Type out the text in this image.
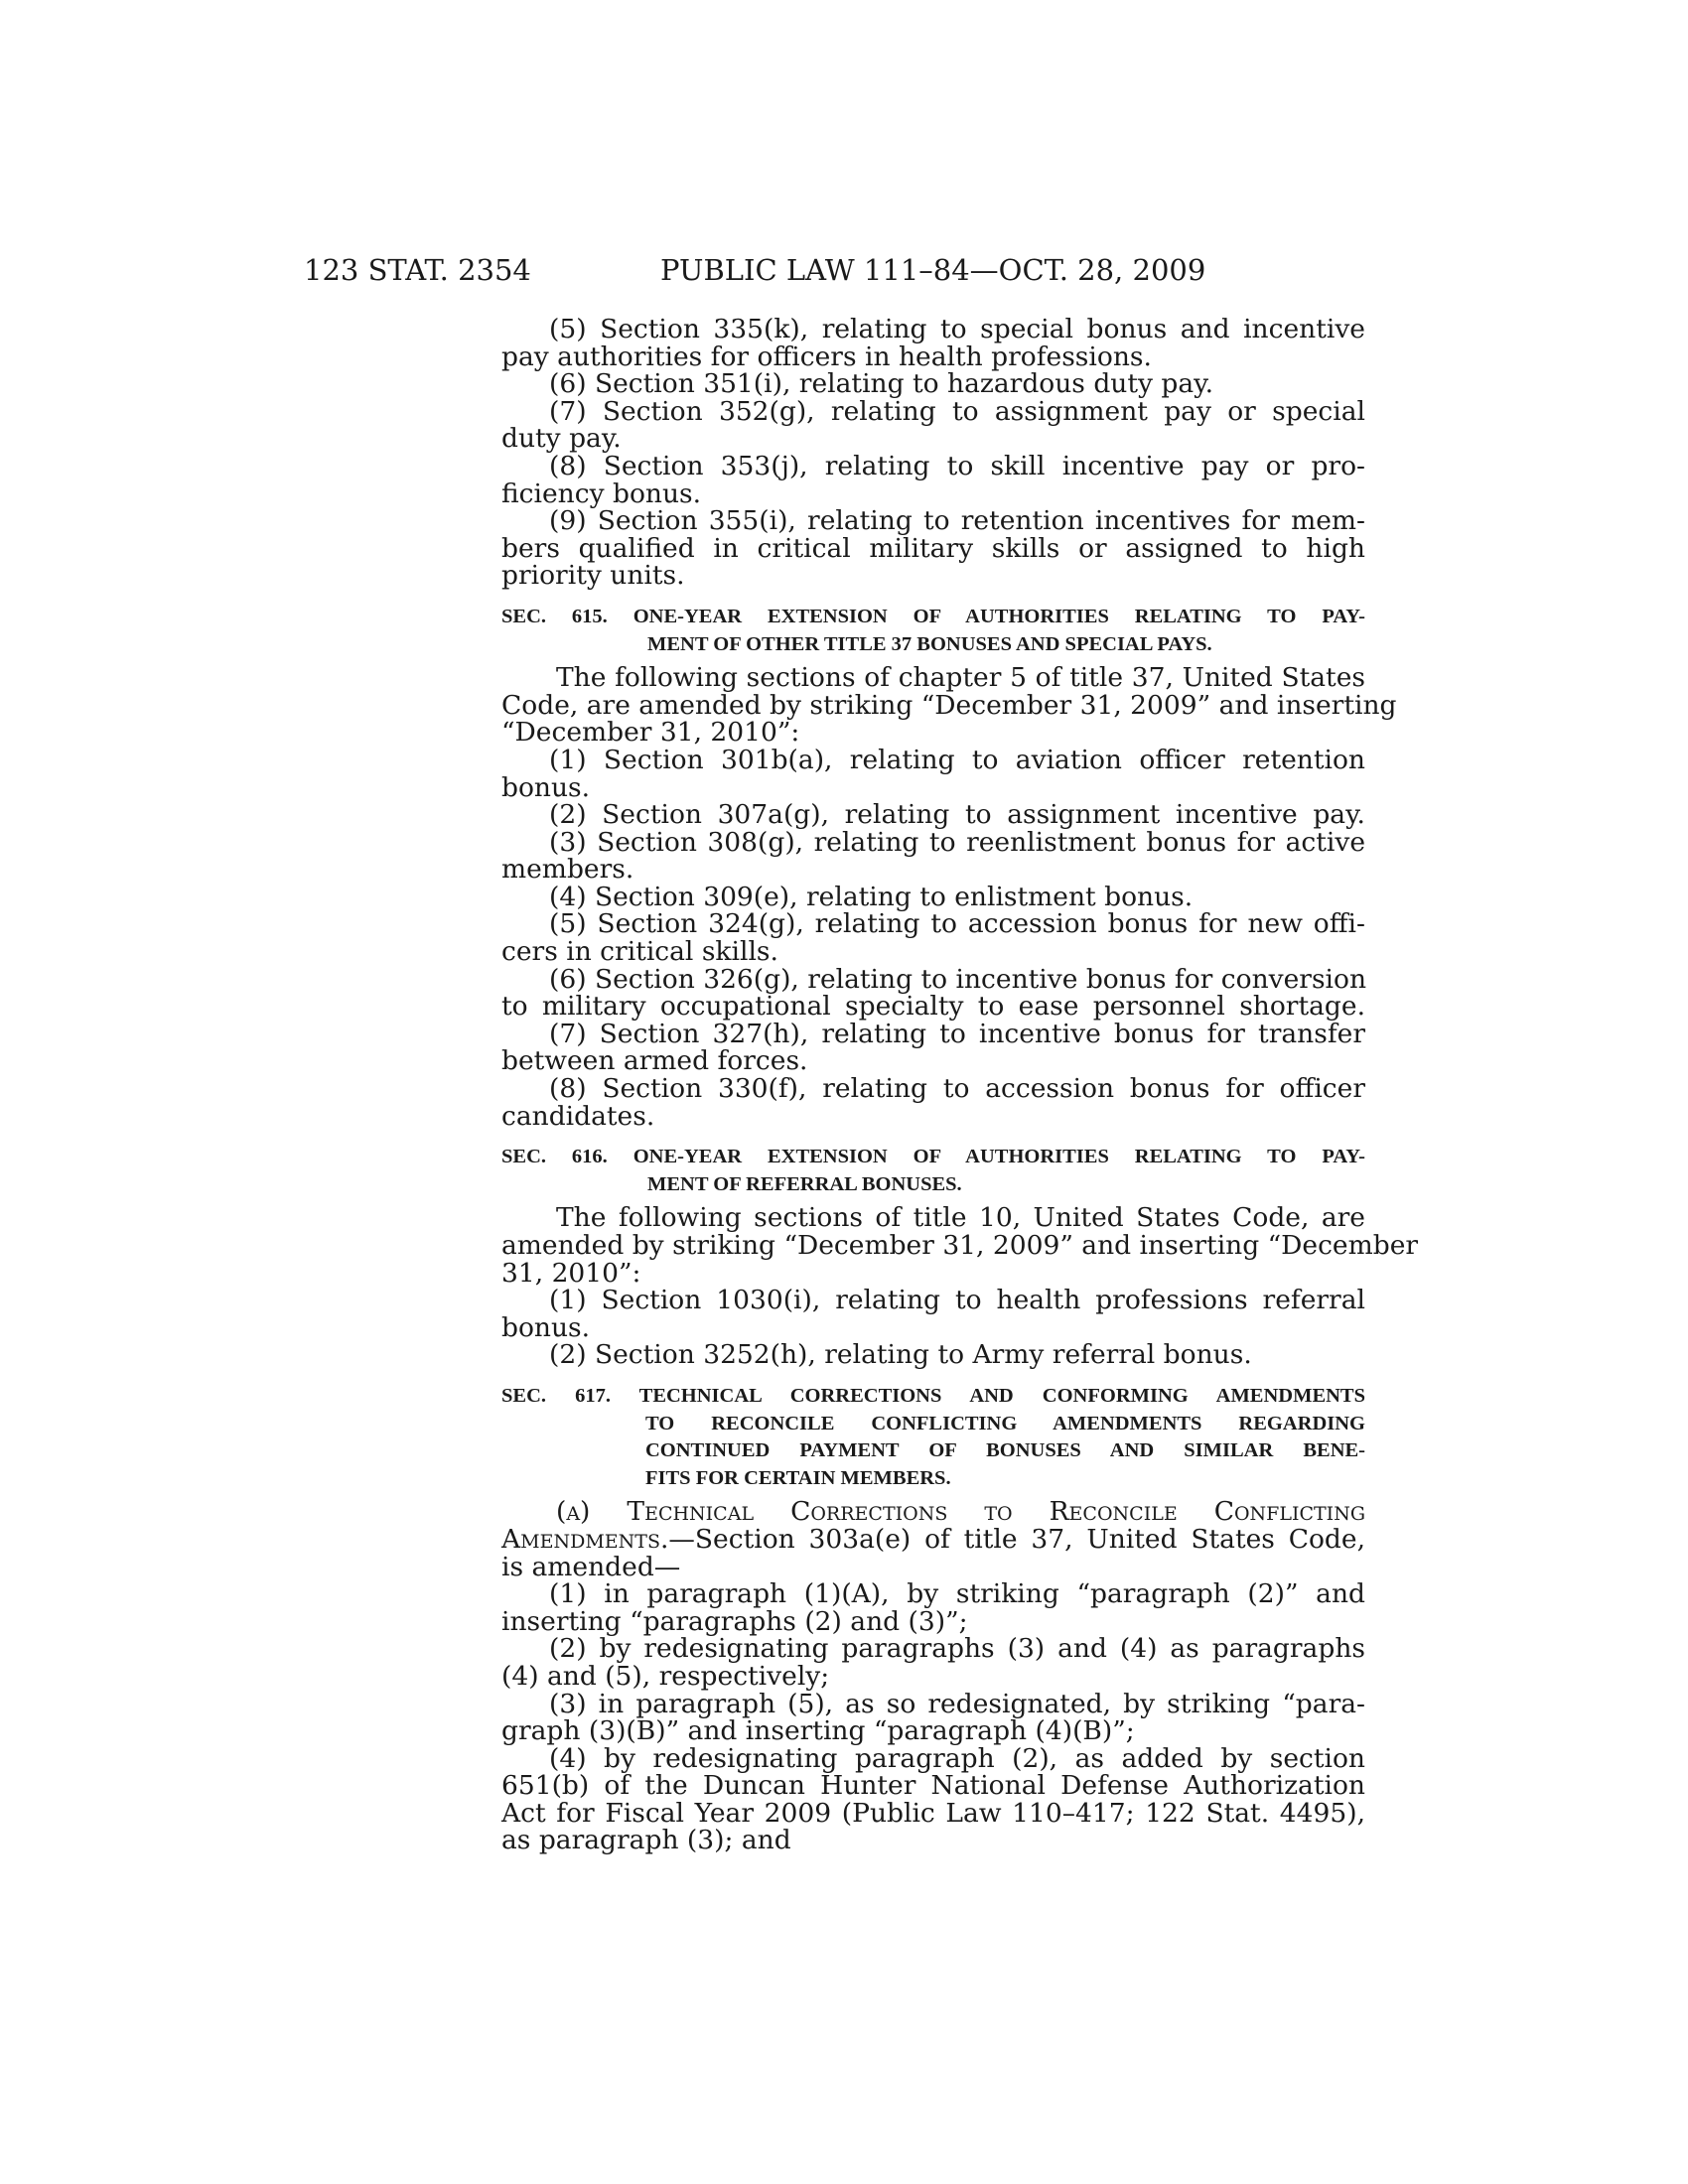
123 STAT. 2354	PUBLIC LAW 111–84—OCT. 28, 2009
(5) Section 335(k), relating to special bonus and incentive
pay authorities for officers in health professions.
(6) Section 351(i), relating to hazardous duty pay.
(7) Section 352(g), relating to assignment pay or special
duty pay.
(8) Section 353(j), relating to skill incentive pay or pro-
ficiency bonus.
(9) Section 355(i), relating to retention incentives for mem-
bers qualified in critical military skills or assigned to high
priority units.
SEC. 615. ONE-YEAR EXTENSION OF AUTHORITIES RELATING TO PAY-
MENT OF OTHER TITLE 37 BONUSES AND SPECIAL PAYS.
The following sections of chapter 5 of title 37, United States
Code, are amended by striking “December 31, 2009” and inserting
“December 31, 2010”:
(1) Section 301b(a), relating to aviation officer retention
bonus.
(2) Section 307a(g), relating to assignment incentive pay.
(3) Section 308(g), relating to reenlistment bonus for active
members.
(4) Section 309(e), relating to enlistment bonus.
(5) Section 324(g), relating to accession bonus for new offi-
cers in critical skills.
(6) Section 326(g), relating to incentive bonus for conversion
to military occupational specialty to ease personnel shortage.
(7) Section 327(h), relating to incentive bonus for transfer
between armed forces.
(8) Section 330(f), relating to accession bonus for officer
candidates.
SEC. 616. ONE-YEAR EXTENSION OF AUTHORITIES RELATING TO PAY-
MENT OF REFERRAL BONUSES.
The following sections of title 10, United States Code, are
amended by striking “December 31, 2009” and inserting “December
31, 2010”:
(1) Section 1030(i), relating to health professions referral
bonus.
(2) Section 3252(h), relating to Army referral bonus.
SEC. 617. TECHNICAL CORRECTIONS AND CONFORMING AMENDMENTS
TO RECONCILE CONFLICTING AMENDMENTS REGARDING
CONTINUED PAYMENT OF BONUSES AND SIMILAR BENE-
FITS FOR CERTAIN MEMBERS.
(a) Technical Corrections to Reconcile Conflicting
Amendments.—Section 303a(e) of title 37, United States Code,
is amended—
(1) in paragraph (1)(A), by striking “paragraph (2)” and
inserting “paragraphs (2) and (3)”;
(2) by redesignating paragraphs (3) and (4) as paragraphs
(4) and (5), respectively;
(3) in paragraph (5), as so redesignated, by striking “para-
graph (3)(B)” and inserting “paragraph (4)(B)”;
(4) by redesignating paragraph (2), as added by section
651(b) of the Duncan Hunter National Defense Authorization
Act for Fiscal Year 2009 (Public Law 110–417; 122 Stat. 4495),
as paragraph (3); and
